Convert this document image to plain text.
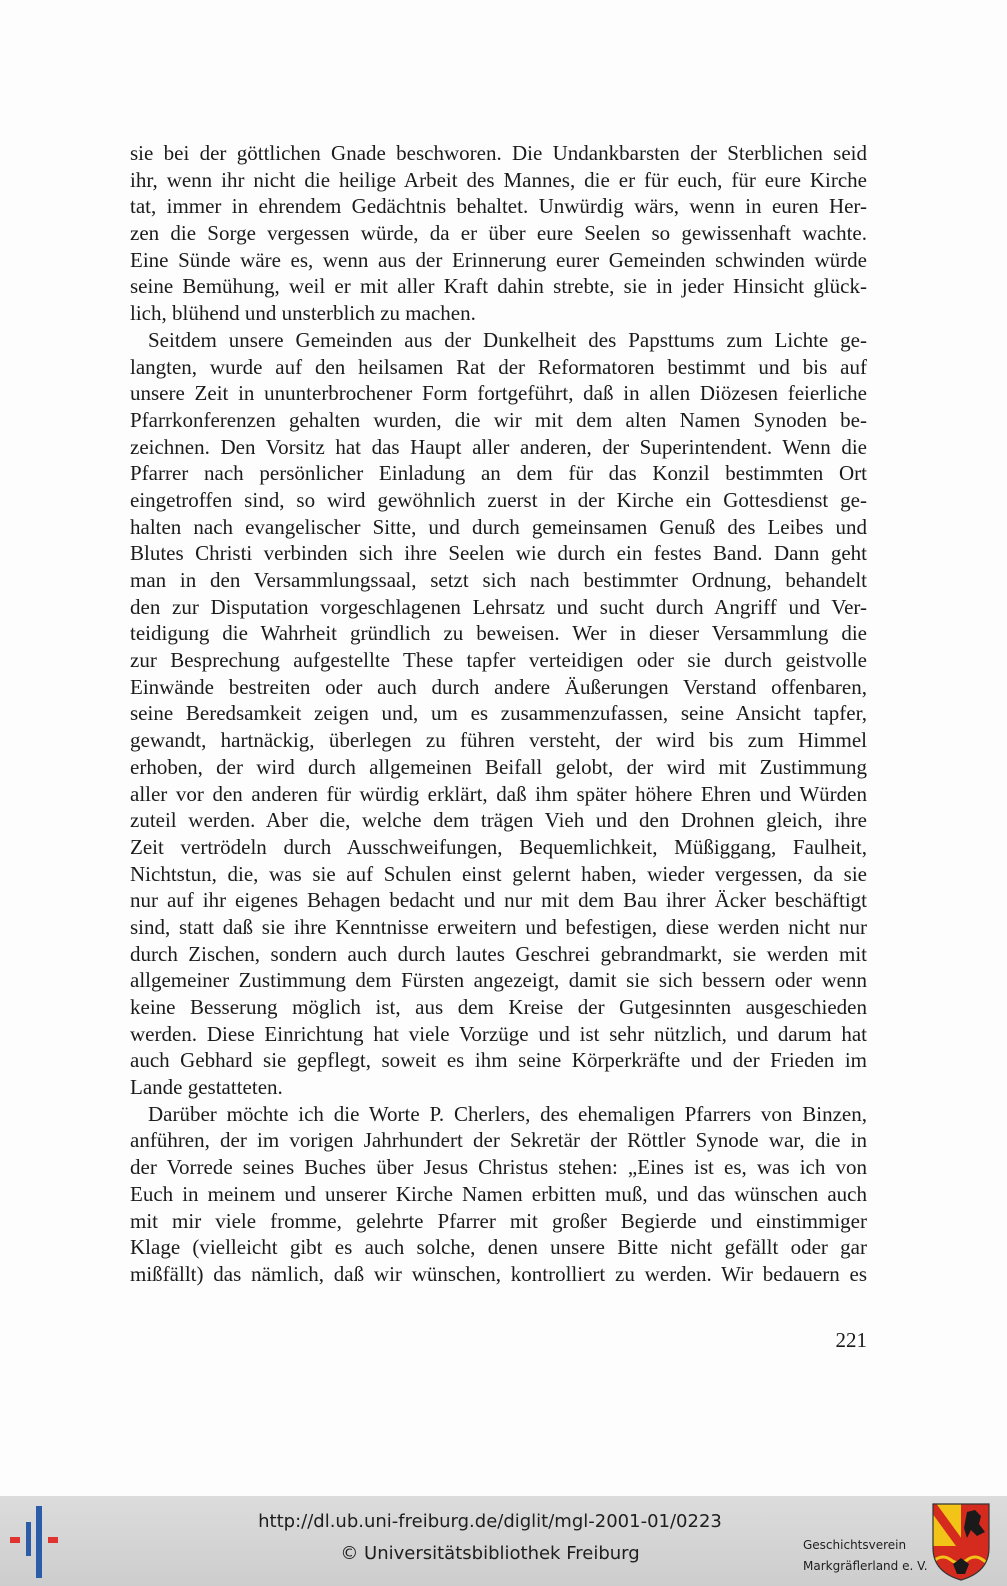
sie bei der göttlichen Gnade beschworen. Die Undankbarsten der Sterblichen seid
ihr, wenn ihr nicht die heilige Arbeit des Mannes, die er für euch, für eure Kirche
tat, immer in ehrendem Gedächtnis behaltet. Unwürdig wärs, wenn in euren Her-
zen die Sorge vergessen würde, da er über eure Seelen so gewissenhaft wachte.
Eine Sünde wäre es, wenn aus der Erinnerung eurer Gemeinden schwinden würde
seine Bemühung, weil er mit aller Kraft dahin strebte, sie in jeder Hinsicht glück-
lich, blühend und unsterblich zu machen.
Seitdem unsere Gemeinden aus der Dunkelheit des Papsttums zum Lichte ge-
langten, wurde auf den heilsamen Rat der Reformatoren bestimmt und bis auf
unsere Zeit in ununterbrochener Form fortgeführt, daß in allen Diözesen feierliche
Pfarrkonferenzen gehalten wurden, die wir mit dem alten Namen Synoden be-
zeichnen. Den Vorsitz hat das Haupt aller anderen, der Superintendent. Wenn die
Pfarrer nach persönlicher Einladung an dem für das Konzil bestimmten Ort
eingetroffen sind, so wird gewöhnlich zuerst in der Kirche ein Gottesdienst ge-
halten nach evangelischer Sitte, und durch gemeinsamen Genuß des Leibes und
Blutes Christi verbinden sich ihre Seelen wie durch ein festes Band. Dann geht
man in den Versammlungssaal, setzt sich nach bestimmter Ordnung, behandelt
den zur Disputation vorgeschlagenen Lehrsatz und sucht durch Angriff und Ver-
teidigung die Wahrheit gründlich zu beweisen. Wer in dieser Versammlung die
zur Besprechung aufgestellte These tapfer verteidigen oder sie durch geistvolle
Einwände bestreiten oder auch durch andere Äußerungen Verstand offenbaren,
seine Beredsamkeit zeigen und, um es zusammenzufassen, seine Ansicht tapfer,
gewandt, hartnäckig, überlegen zu führen versteht, der wird bis zum Himmel
erhoben, der wird durch allgemeinen Beifall gelobt, der wird mit Zustimmung
aller vor den anderen für würdig erklärt, daß ihm später höhere Ehren und Würden
zuteil werden. Aber die, welche dem trägen Vieh und den Drohnen gleich, ihre
Zeit vertrödeln durch Ausschweifungen, Bequemlichkeit, Müßiggang, Faulheit,
Nichtstun, die, was sie auf Schulen einst gelernt haben, wieder vergessen, da sie
nur auf ihr eigenes Behagen bedacht und nur mit dem Bau ihrer Äcker beschäftigt
sind, statt daß sie ihre Kenntnisse erweitern und befestigen, diese werden nicht nur
durch Zischen, sondern auch durch lautes Geschrei gebrandmarkt, sie werden mit
allgemeiner Zustimmung dem Fürsten angezeigt, damit sie sich bessern oder wenn
keine Besserung möglich ist, aus dem Kreise der Gutgesinnten ausgeschieden
werden. Diese Einrichtung hat viele Vorzüge und ist sehr nützlich, und darum hat
auch Gebhard sie gepflegt, soweit es ihm seine Körperkräfte und der Frieden im
Lande gestatteten.
Darüber möchte ich die Worte P. Cherlers, des ehemaligen Pfarrers von Binzen,
anführen, der im vorigen Jahrhundert der Sekretär der Röttler Synode war, die in
der Vorrede seines Buches über Jesus Christus stehen: „Eines ist es, was ich von
Euch in meinem und unserer Kirche Namen erbitten muß, und das wünschen auch
mit mir viele fromme, gelehrte Pfarrer mit großer Begierde und einstimmiger
Klage (vielleicht gibt es auch solche, denen unsere Bitte nicht gefällt oder gar
mißfällt) das nämlich, daß wir wünschen, kontrolliert zu werden. Wir bedauern es
221
http://dl.ub.uni-freiburg.de/diglit/mgl-2001-01/0223
© Universitätsbibliothek Freiburg	Geschichtsverein
Markgräflerland e. V.
